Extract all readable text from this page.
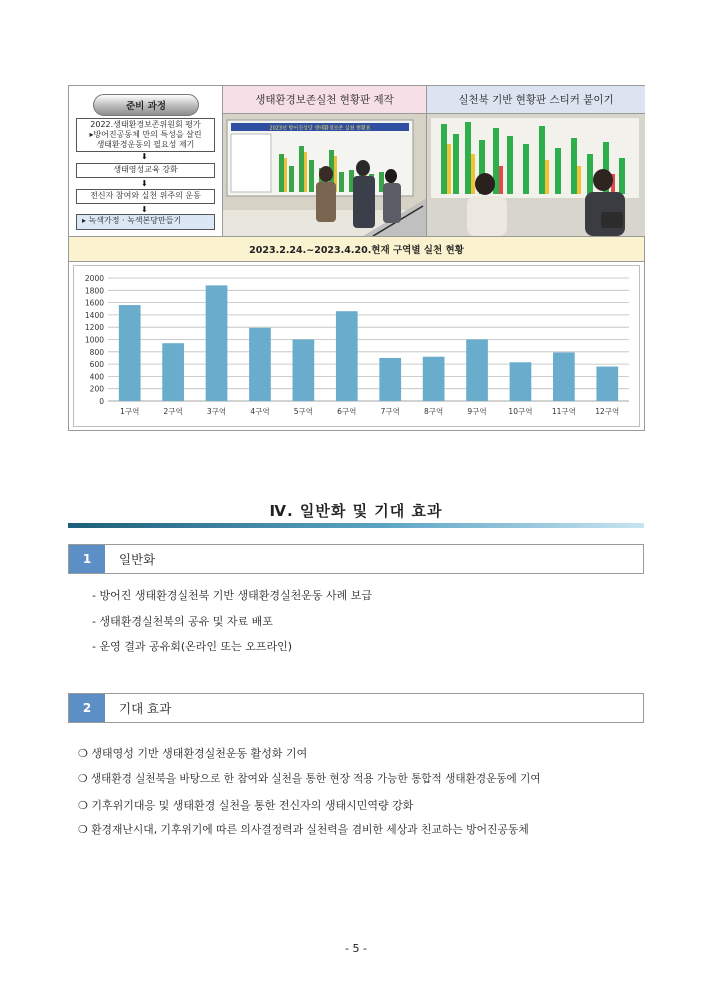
준비 과정
2022.생태환경보존위원회 평가
▸방어진공동체 만의 특성을 살린
생태환경운동의 필요성 제기
⬇
생태영성교육 강화
⬇
전신자 참여와 실천 위주의 운동
⬇
▸ 녹색가정 · 녹색본당만들기
생태환경보존실천 현황판 제작	실천북 기반 현황판 스티커 붙이기
2023년 방어진성당 생태환경보존 실천 현황표
2023.2.24.~2023.4.20.현재 구역별 실천 현황
0
200
400
600
800
1000
1200
1400
1600
1800
2000
1구역	2구역	3구역	4구역	5구역	6구역	7구역	8구역	9구역	10구역	11구역	12구역
Ⅳ. 일반화 및 기대 효과
1	일반화
- 방어진 생태환경실천북 기반 생태환경실천운동 사례 보급
- 생태환경실천북의 공유 및 자료 배포
- 운영 결과 공유회(온라인 또는 오프라인)
2	기대 효과
❍ 생태영성 기반 생태환경실천운동 활성화 기여
❍ 생태환경 실천북을 바탕으로 한 참여와 실천을 통한 현장 적용 가능한 통합적 생태환경운동에 기여
❍ 기후위기대응 및 생태환경 실천을 통한 전신자의 생태시민역량 강화
❍ 환경재난시대, 기후위기에 따른 의사결정력과 실천력을 겸비한 세상과 친교하는 방어진공동체
- 5 -
